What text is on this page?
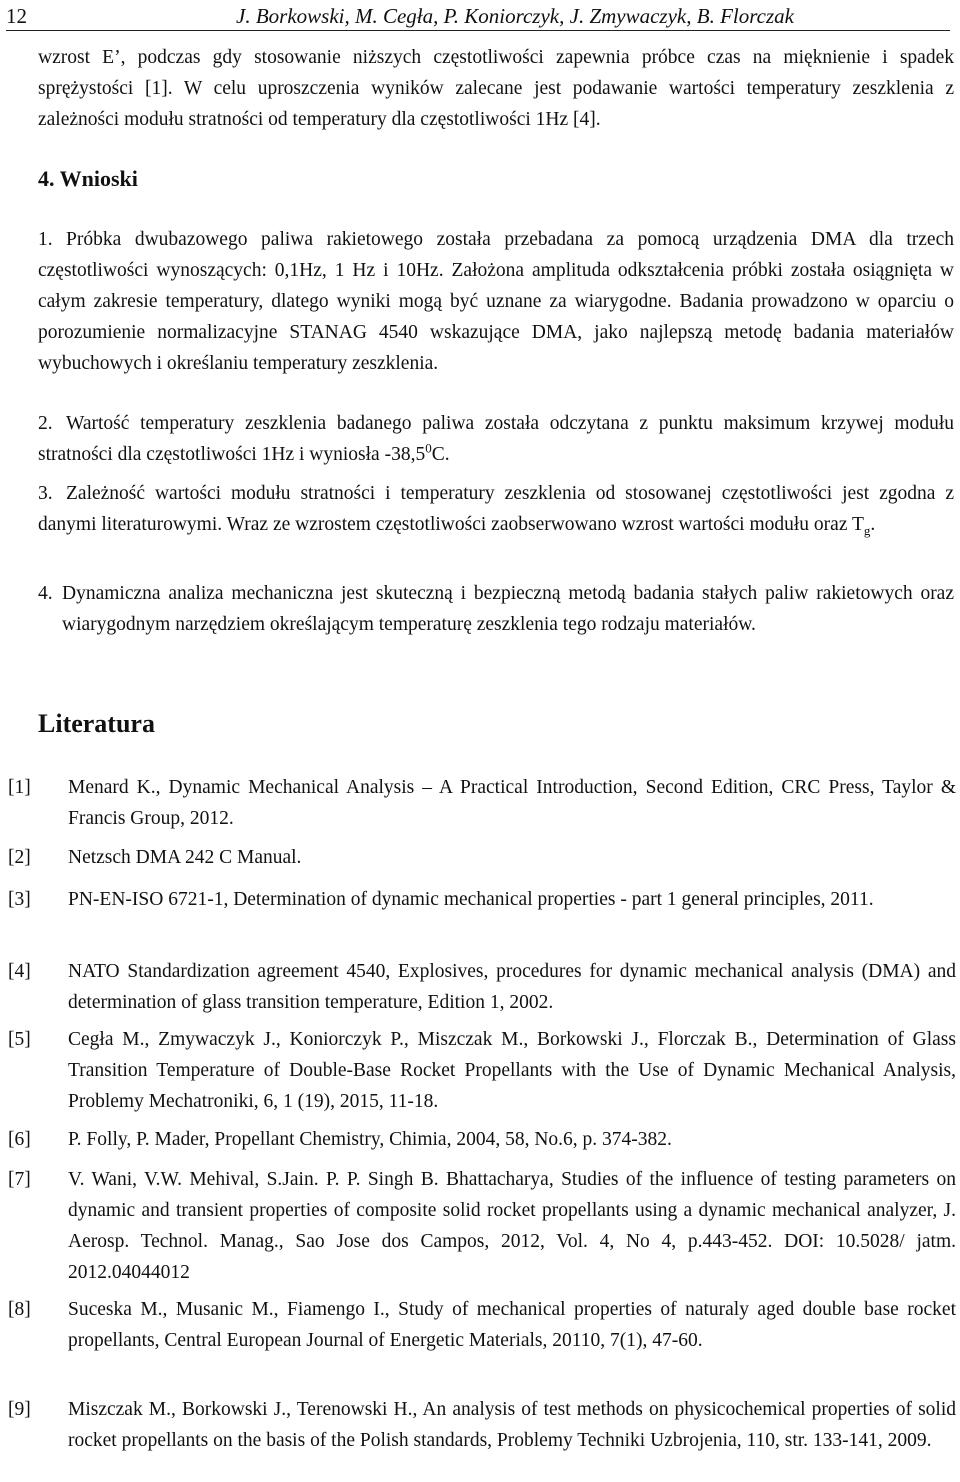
12	J. Borkowski, M. Cegła, P. Koniorczyk, J. Zmywaczyk, B. Florczak

wzrost E’, podczas gdy stosowanie niższych częstotliwości zapewnia próbce czas na mięknienie i spadek sprężystości [1]. W celu uproszczenia wyników zalecane jest podawanie wartości temperatury zeszklenia z zależności modułu stratności od temperatury dla częstotliwości 1Hz [4].

4. Wnioski
1. Próbka dwubazowego paliwa rakietowego została przebadana za pomocą urządzenia DMA dla trzech częstotliwości wynoszących: 0,1Hz, 1 Hz i 10Hz. Założona amplituda odkształcenia próbki została osiągnięta w całym zakresie temperatury, dlatego wyniki mogą być uznane za wiarygodne. Badania prowadzono w oparciu o porozumienie normalizacyjne STANAG 4540 wskazujące DMA, jako najlepszą metodę badania materiałów wybuchowych i określaniu temperatury zeszklenia.

2. Wartość temperatury zeszklenia badanego paliwa została odczytana z punktu maksimum krzywej modułu stratności dla częstotliwości 1Hz i wyniosła -38,5$^0$C.

3. Zależność wartości modułu stratności i temperatury zeszklenia od stosowanej częstotliwości jest zgodna z danymi literaturowymi. Wraz ze wzrostem częstotliwości zaobserwowano wzrost wartości modułu oraz $T_g$.

4. Dynamiczna analiza mechaniczna jest skuteczną i bezpieczną metodą badania stałych paliw rakietowych oraz wiarygodnym narzędziem określającym temperaturę zeszklenia tego rodzaju materiałów.

Literatura
[1]	Menard K., Dynamic Mechanical Analysis – A Practical Introduction, Second Edition, CRC Press, Taylor & Francis Group, 2012.

[2]	Netzsch DMA 242 C Manual.

[3]	PN-EN-ISO 6721-1, Determination of dynamic mechanical properties - part 1 general principles, 2011.

[4]	NATO Standardization agreement 4540, Explosives, procedures for dynamic mechanical analysis (DMA) and determination of glass transition temperature, Edition 1, 2002.

[5]	Cegła M., Zmywaczyk J., Koniorczyk P., Miszczak M., Borkowski J., Florczak B., Determination of Glass Transition Temperature of Double-Base Rocket Propellants with the Use of Dynamic Mechanical Analysis, Problemy Mechatroniki, 6, 1 (19), 2015, 11-18.

[6]	P. Folly, P. Mader, Propellant Chemistry, Chimia, 2004, 58, No.6, p. 374-382.

[7]	V. Wani, V.W. Mehival, S.Jain. P. P. Singh B. Bhattacharya, Studies of the influence of testing parameters on dynamic and transient properties of composite solid rocket propellants using a dynamic mechanical analyzer, J. Aerosp. Technol. Manag., Sao Jose dos Campos, 2012, Vol. 4, No 4, p.443-452. DOI: 10.5028/ jatm. 2012.04044012

[8]	Suceska M., Musanic M., Fiamengo I., Study of mechanical properties of naturaly aged double base rocket propellants, Central European Journal of Energetic Materials, 20110, 7(1), 47-60.

[9]	Miszczak M., Borkowski J., Terenowski H., An analysis of test methods on physicochemical properties of solid rocket propellants on the basis of the Polish standards, Problemy Techniki Uzbrojenia, 110, str. 133-141, 2009.
